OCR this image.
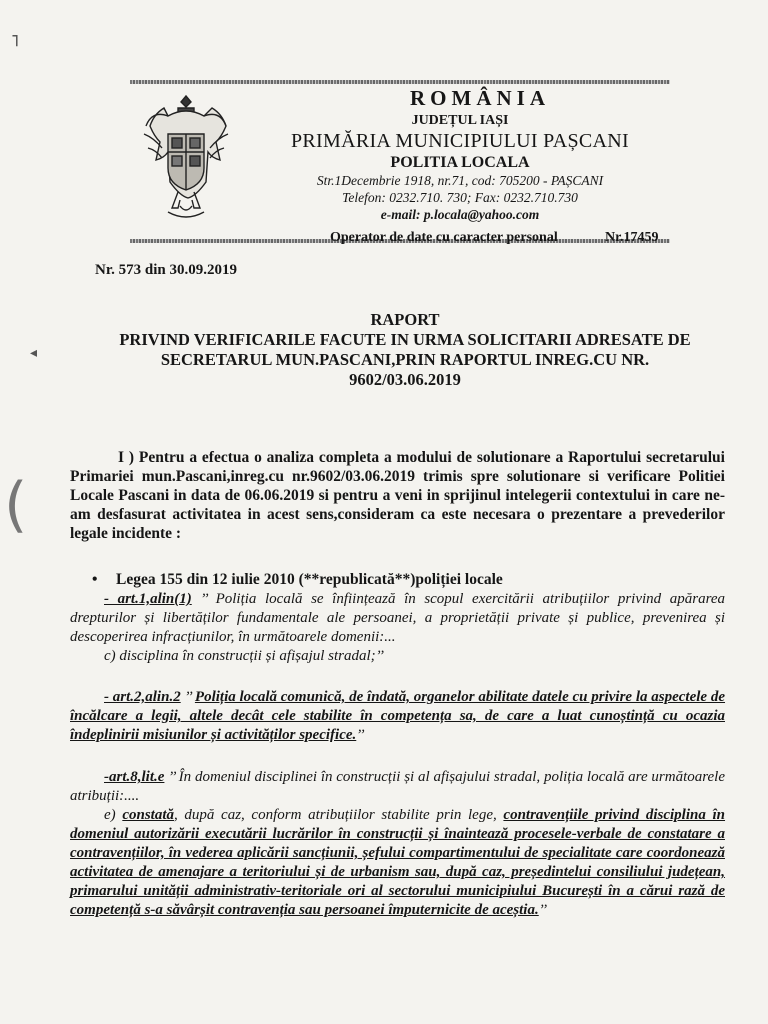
⌐
◂
(
ROMÂNIA
JUDEȚUL IAȘI
PRIMĂRIA MUNICIPIULUI PAȘCANI
POLITIA LOCALA
Str.1Decembrie 1918, nr.71, cod: 705200 - PAȘCANI
Telefon: 0232.710. 730; Fax: 0232.710.730
e-mail: p.locala@yahoo.com
Operator de date cu caracter personal	Nr.17459
Nr. 573 din 30.09.2019
RAPORT
PRIVIND VERIFICARILE FACUTE IN URMA SOLICITARII ADRESATE DE
SECRETARUL MUN.PASCANI,PRIN RAPORTUL INREG.CU NR.
9602/03.06.2019
I ) Pentru a efectua o analiza completa a modului de solutionare a Raportului secretarului Primariei mun.Pascani,inreg.cu nr.9602/03.06.2019 trimis spre solutionare si verificare Politiei Locale Pascani in data de 06.06.2019 si pentru a veni in sprijinul intelegerii contextului in care ne-am desfasurat activitatea in acest sens,consideram ca este necesara o prezentare a prevederilor legale incidente :
• Legea 155 din 12 iulie 2010 (**republicată**)poliției locale
- art.1,alin(1) ’’ Poliția locală se înființează în scopul exercitării atribuțiilor privind apărarea drepturilor și libertăților fundamentale ale persoanei, a proprietății private și publice, prevenirea și descoperirea infracțiunilor, în următoarele domenii:...
c) disciplina în construcții și afișajul stradal;’’
- art.2,alin.2 ’’ Poliția locală comunică, de îndată, organelor abilitate datele cu privire la aspectele de încălcare a legii, altele decât cele stabilite în competența sa, de care a luat cunoștință cu ocazia îndeplinirii misiunilor și activităților specifice.’’
-art.8,lit.e ’’ În domeniul disciplinei în construcții și al afișajului stradal, poliția locală are următoarele atribuții:....
e) constată, după caz, conform atribuțiilor stabilite prin lege, contravențiile privind disciplina în domeniul autorizării executării lucrărilor în construcții și înaintează procesele-verbale de constatare a contravențiilor, în vederea aplicării sancțiunii, șefului compartimentului de specialitate care coordonează activitatea de amenajare a teritoriului și de urbanism sau, după caz, președintelui consiliului județean, primarului unității administrativ-teritoriale ori al sectorului municipiului București în a cărui rază de competență s-a săvârșit contravenția sau persoanei împuternicite de aceștia.’’
